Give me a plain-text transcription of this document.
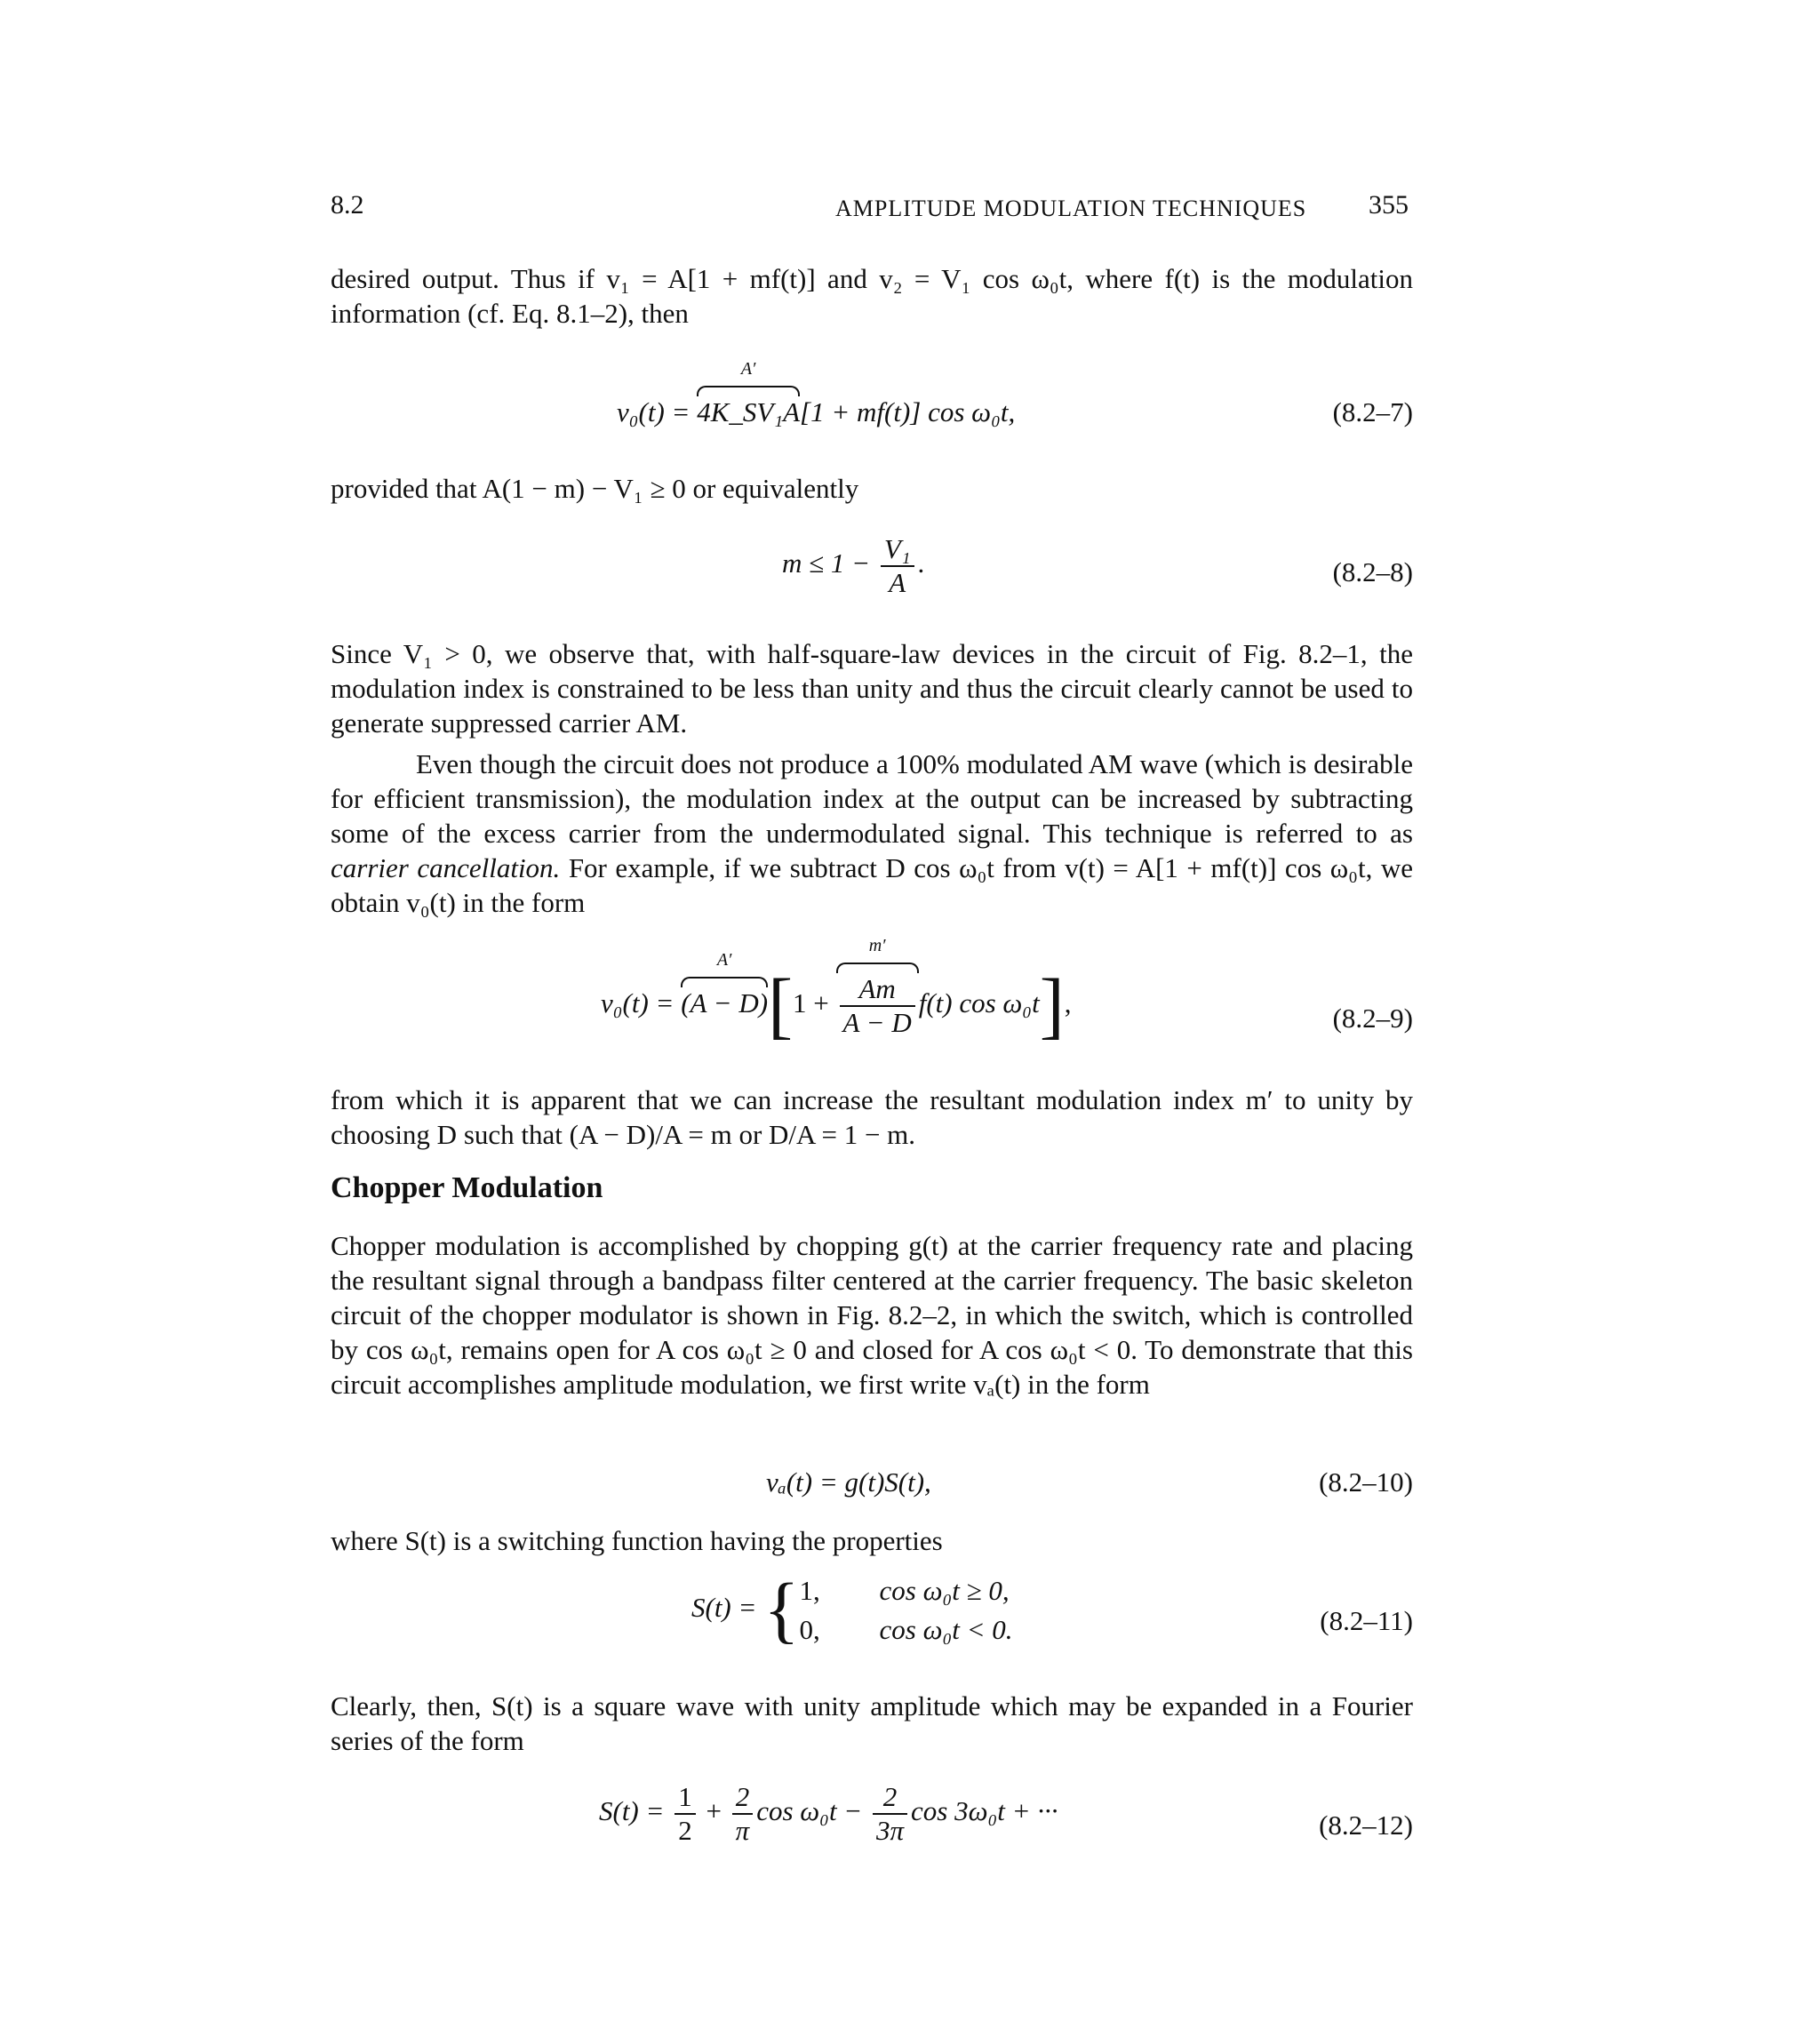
8.2	AMPLITUDE MODULATION TECHNIQUES 355
desired output. Thus if v₁ = A[1 + mf(t)] and v₂ = V₁ cos ω₀t, where f(t) is the modulation information (cf. Eq. 8.1–2), then
v₀(t) =
A′
4K_SV₁A[1 + mf(t)] cos ω₀t,	(8.2–7)
provided that A(1 − m) − V₁ ≥ 0 or equivalently
$m \le 1 - \frac{\text{V₁}}{A}$ .	(8.2–8)
Since V₁ > 0, we observe that, with half-square-law devices in the circuit of Fig. 8.2–1, the modulation index is constrained to be less than unity and thus the circuit clearly cannot be used to generate suppressed carrier AM.
Even though the circuit does not produce a 100% modulated AM wave (which is desirable for efficient transmission), the modulation index at the output can be increased by subtracting some of the excess carrier from the undermodulated signal. This technique is referred to as carrier cancellation. For example, if we subtract D cos ω₀t from v(t) = A[1 + mf(t)] cos ω₀t, we obtain v₀(t) in the form
v₀(t) =
A′
(A − D)[1 +
m′
$\frac{Am}{A - D} f(t)$ cos ω₀t],	(8.2–9)
from which it is apparent that we can increase the resultant modulation index m′ to unity by choosing D such that (A − D)/A = m or D/A = 1 − m.
Chopper Modulation
Chopper modulation is accomplished by chopping g(t) at the carrier frequency rate and placing the resultant signal through a bandpass filter centered at the carrier frequency. The basic skeleton circuit of the chopper modulator is shown in Fig. 8.2–2, in which the switch, which is controlled by cos ω₀t, remains open for A cos ω₀t ≥ 0 and closed for A cos ω₀t < 0. To demonstrate that this circuit accomplishes amplitude modulation, we first write vₐ(t) in the form
vₐ(t) = g(t)S(t),	(8.2–10)
where S(t) is a switching function having the properties
S(t) = { 1, cos ω₀t ≥ 0,
0, cos ω₀t < 0.	(8.2–11)
Clearly, then, S(t) is a square wave with unity amplitude which may be expanded in a Fourier series of the form
$S(t) = \frac{1}{2} + \frac{2}{\pi}$ $\cos \omega_0t - \frac{2}{3\pi}$ cos 3ω₀t + ···	(8.2–12)
